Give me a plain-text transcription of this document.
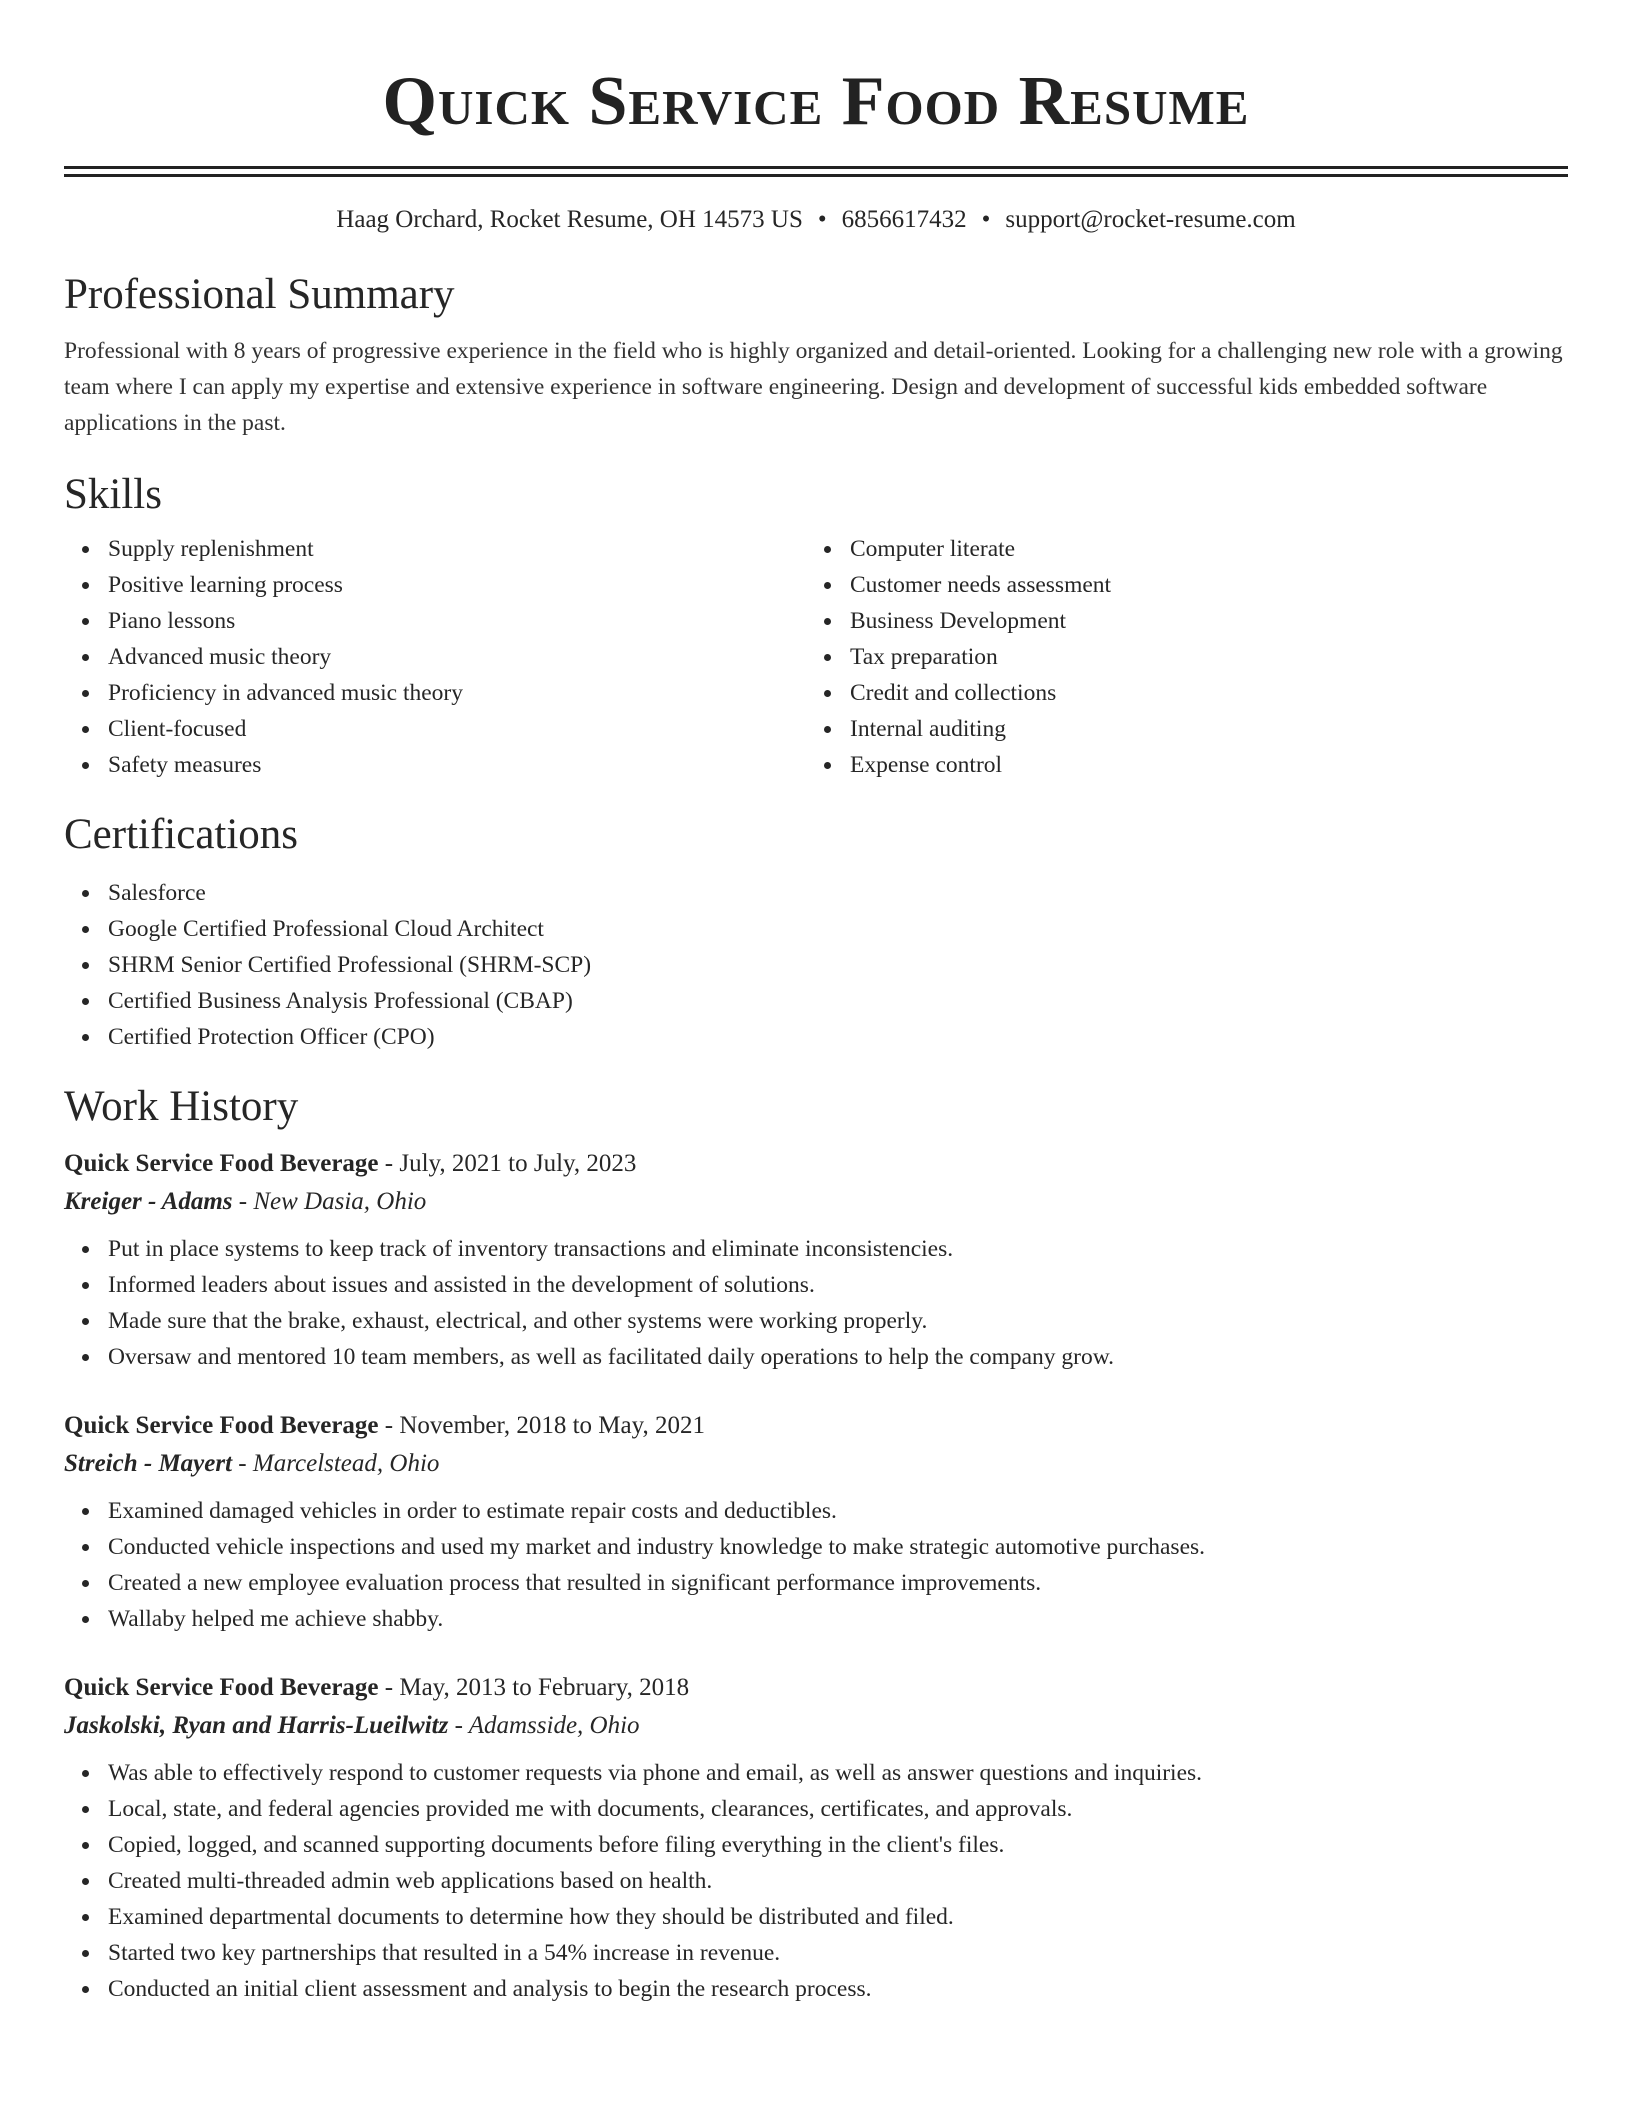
Quick Service Food Resume
Haag Orchard, Rocket Resume, OH 14573 US • 6856617432 • support@rocket-resume.com
Professional Summary

Professional with 8 years of progressive experience in the field who is highly organized and detail-oriented. Looking for a challenging new role with a growing team where I can apply my expertise and extensive experience in software engineering. Design and development of successful kids embedded software applications in the past.

Skills
Supply replenishment
Positive learning process
Piano lessons
Advanced music theory
Proficiency in advanced music theory
Client-focused
Safety measures
Computer literate
Customer needs assessment
Business Development
Tax preparation
Credit and collections
Internal auditing
Expense control
Certifications
Salesforce
Google Certified Professional Cloud Architect
SHRM Senior Certified Professional (SHRM-SCP)
Certified Business Analysis Professional (CBAP)
Certified Protection Officer (CPO)
Work History
Quick Service Food Beverage - July, 2021 to July, 2023
Kreiger - Adams - New Dasia, Ohio
Put in place systems to keep track of inventory transactions and eliminate inconsistencies.
Informed leaders about issues and assisted in the development of solutions.
Made sure that the brake, exhaust, electrical, and other systems were working properly.
Oversaw and mentored 10 team members, as well as facilitated daily operations to help the company grow.
Quick Service Food Beverage - November, 2018 to May, 2021
Streich - Mayert - Marcelstead, Ohio
Examined damaged vehicles in order to estimate repair costs and deductibles.
Conducted vehicle inspections and used my market and industry knowledge to make strategic automotive purchases.
Created a new employee evaluation process that resulted in significant performance improvements.
Wallaby helped me achieve shabby.
Quick Service Food Beverage - May, 2013 to February, 2018
Jaskolski, Ryan and Harris-Lueilwitz - Adamsside, Ohio
Was able to effectively respond to customer requests via phone and email, as well as answer questions and inquiries.
Local, state, and federal agencies provided me with documents, clearances, certificates, and approvals.
Copied, logged, and scanned supporting documents before filing everything in the client's files.
Created multi-threaded admin web applications based on health.
Examined departmental documents to determine how they should be distributed and filed.
Started two key partnerships that resulted in a 54% increase in revenue.
Conducted an initial client assessment and analysis to begin the research process.
